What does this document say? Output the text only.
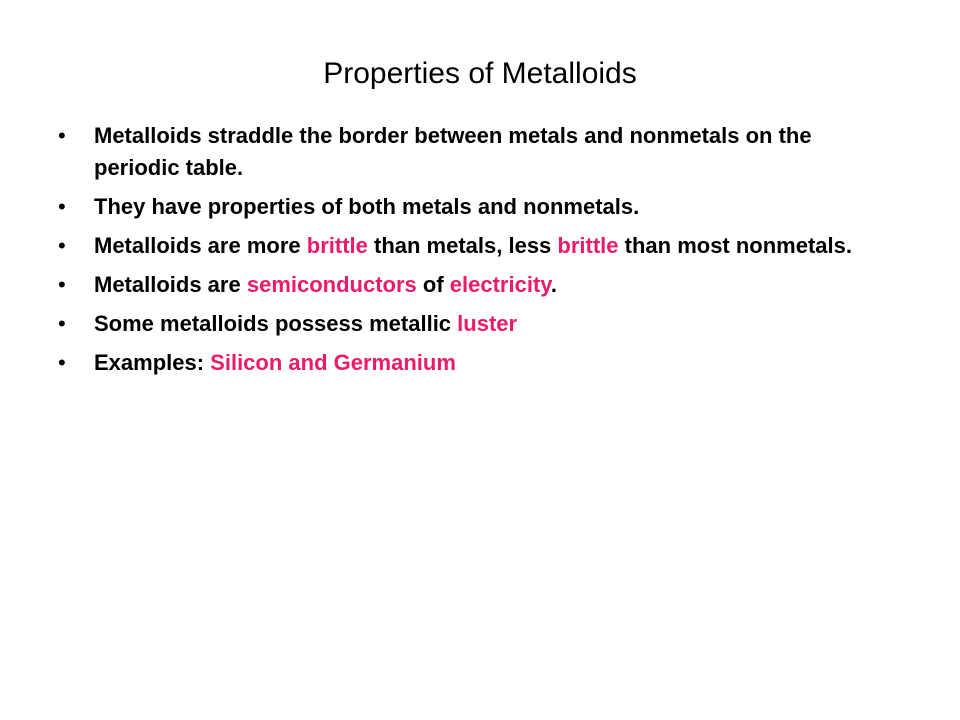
Properties of Metalloids
• Metalloids straddle the border between metals and nonmetals on the periodic table.
• They have properties of both metals and nonmetals.
• Metalloids are more brittle than metals, less brittle than most nonmetals.
• Metalloids are semiconductors of electricity.
• Some metalloids possess metallic luster
• Examples: Silicon and Germanium
